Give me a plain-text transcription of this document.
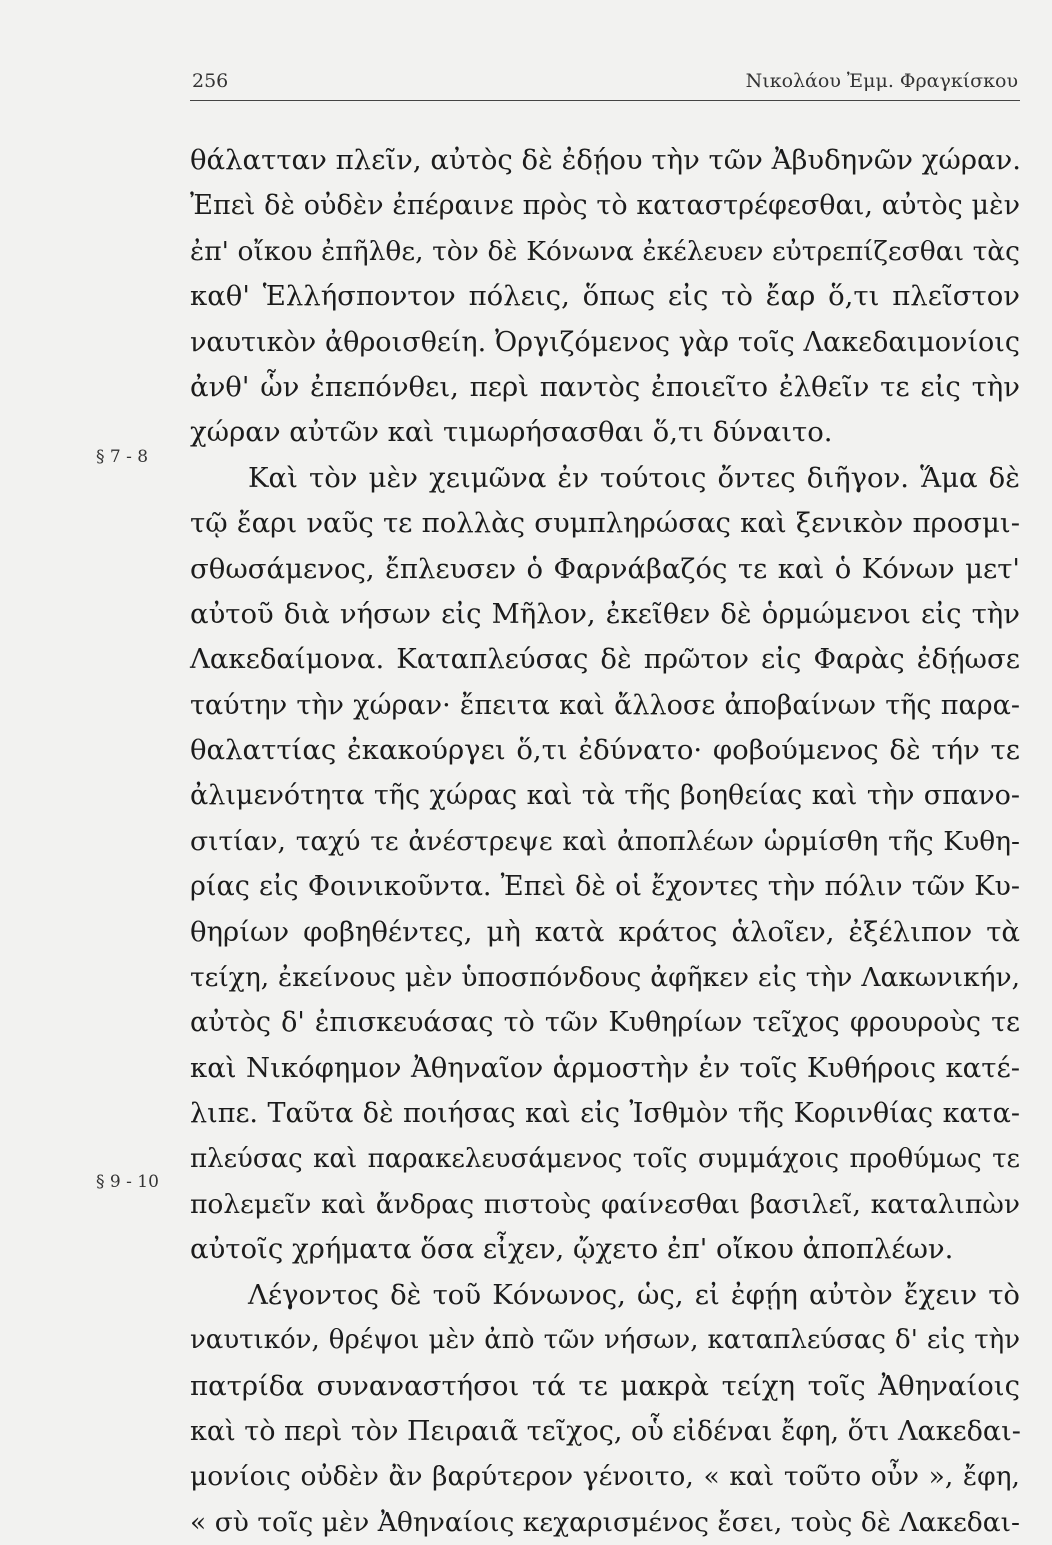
256	Νικολάου Ἐμμ. Φραγκίσκου
§ 7 - 8
§ 9 - 10
θάλατταν πλεῖν, αὐτὸς δὲ ἐδῄου τὴν τῶν Ἀβυδηνῶν χώραν.
Ἐπεὶ δὲ οὐδὲν ἐπέραινε πρὸς τὸ καταστρέφεσθαι, αὐτὸς μὲν
ἐπ' οἴκου ἐπῆλθε, τὸν δὲ Κόνωνα ἐκέλευεν εὐτρεπίζεσθαι τὰς
καθ' Ἑλλήσποντον πόλεις, ὅπως εἰς τὸ ἔαρ ὅ,τι πλεῖστον
ναυτικὸν ἀθροισθείη. Ὀργιζόμενος γὰρ τοῖς Λακεδαιμονίοις
ἀνθ' ὧν ἐπεπόνθει, περὶ παντὸς ἐποιεῖτο ἐλθεῖν τε εἰς τὴν
χώραν αὐτῶν καὶ τιμωρήσασθαι ὅ,τι δύναιτο.
Καὶ τὸν μὲν χειμῶνα ἐν τούτοις ὄντες διῆγον. Ἅμα δὲ
τῷ ἔαρι ναῦς τε πολλὰς συμπληρώσας καὶ ξενικὸν προσμι-
σθωσάμενος, ἔπλευσεν ὁ Φαρνάβαζός τε καὶ ὁ Κόνων μετ'
αὐτοῦ διὰ νήσων εἰς Μῆλον, ἐκεῖθεν δὲ ὁρμώμενοι εἰς τὴν
Λακεδαίμονα. Καταπλεύσας δὲ πρῶτον εἰς Φαρὰς ἐδῄωσε
ταύτην τὴν χώραν· ἔπειτα καὶ ἄλλοσε ἀποβαίνων τῆς παρα-
θαλαττίας ἐκακούργει ὅ,τι ἐδύνατο· φοβούμενος δὲ τήν τε
ἀλιμενότητα τῆς χώρας καὶ τὰ τῆς βοηθείας καὶ τὴν σπανο-
σιτίαν, ταχύ τε ἀνέστρεψε καὶ ἀποπλέων ὡρμίσθη τῆς Κυθη-
ρίας εἰς Φοινικοῦντα. Ἐπεὶ δὲ οἱ ἔχοντες τὴν πόλιν τῶν Κυ-
θηρίων φοβηθέντες, μὴ κατὰ κράτος ἁλοῖεν, ἐξέλιπον τὰ
τείχη, ἐκείνους μὲν ὑποσπόνδους ἀφῆκεν εἰς τὴν Λακωνικήν,
αὐτὸς δ' ἐπισκευάσας τὸ τῶν Κυθηρίων τεῖχος φρουροὺς τε
καὶ Νικόφημον Ἀθηναῖον ἁρμοστὴν ἐν τοῖς Κυθήροις κατέ-
λιπε. Ταῦτα δὲ ποιήσας καὶ εἰς Ἰσθμὸν τῆς Κορινθίας κατα-
πλεύσας καὶ παρακελευσάμενος τοῖς συμμάχοις προθύμως τε
πολεμεῖν καὶ ἄνδρας πιστοὺς φαίνεσθαι βασιλεῖ, καταλιπὼν
αὐτοῖς χρήματα ὅσα εἶχεν, ᾤχετο ἐπ' οἴκου ἀποπλέων.
Λέγοντος δὲ τοῦ Κόνωνος, ὡς, εἰ ἐφῄη αὐτὸν ἔχειν τὸ
ναυτικόν, θρέψοι μὲν ἀπὸ τῶν νήσων, καταπλεύσας δ' εἰς τὴν
πατρίδα συναναστήσοι τά τε μακρὰ τείχη τοῖς Ἀθηναίοις
καὶ τὸ περὶ τὸν Πειραιᾶ τεῖχος, οὗ εἰδέναι ἔφη, ὅτι Λακεδαι-
μονίοις οὐδὲν ἂν βαρύτερον γένοιτο, « καὶ τοῦτο οὖν », ἔφη,
« σὺ τοῖς μὲν Ἀθηναίοις κεχαρισμένος ἔσει, τοὺς δὲ Λακεδαι-
